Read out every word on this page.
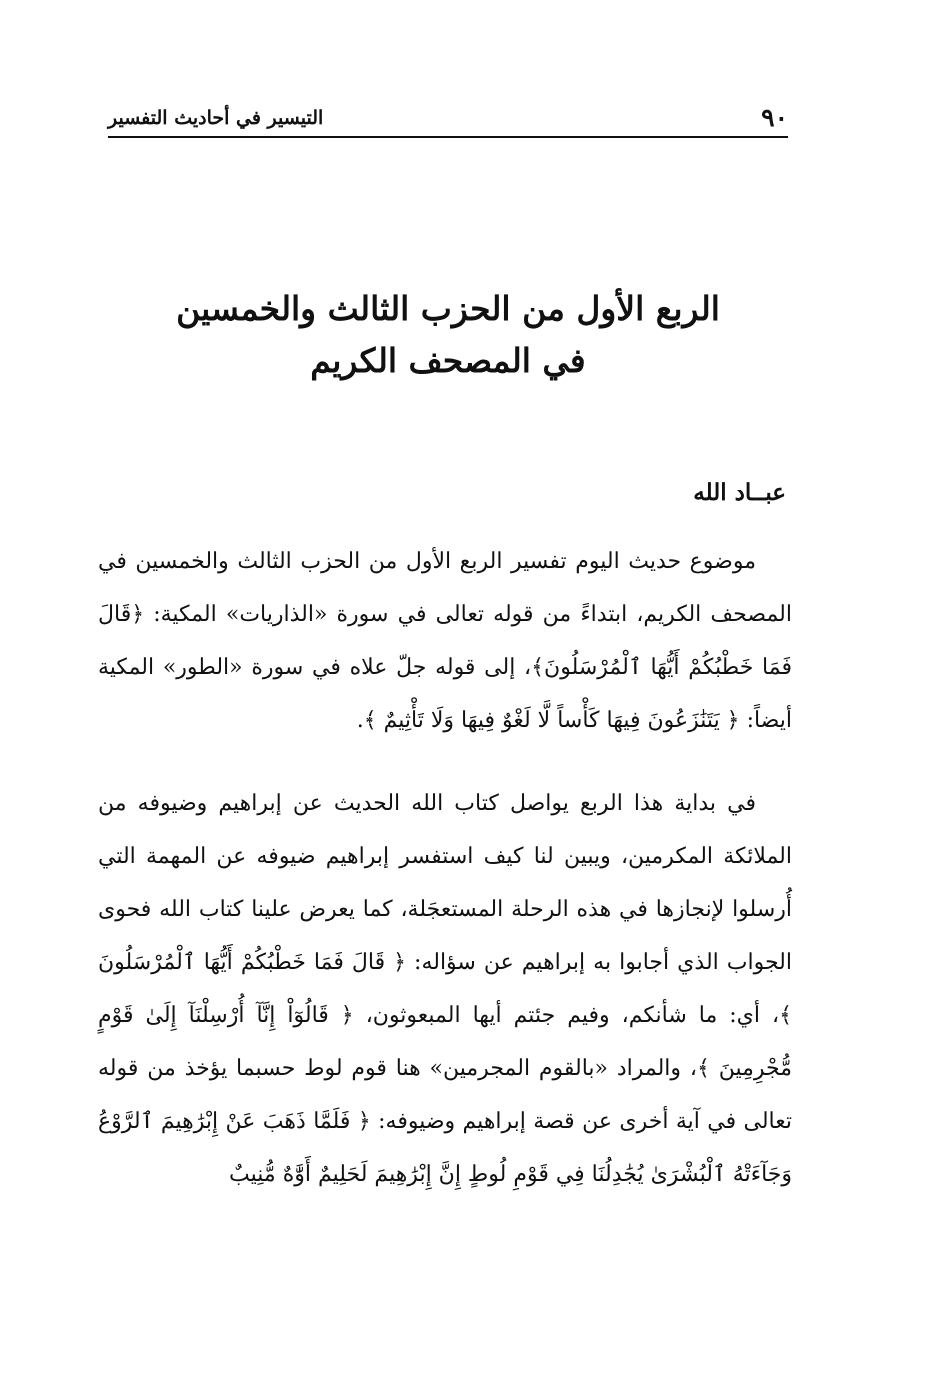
٩٠
التيسير في أحاديث التفسير
الربع الأول من الحزب الثالث والخمسين
في المصحف الكريم
عبــاد الله

موضوع حديث اليوم تفسير الربع الأول من الحزب الثالث والخمسين في المصحف الكريم، ابتداءً من قوله تعالى في سورة «الذاريات» المكية: ﴿قَالَ فَمَا خَطْبُكُمْ أَيُّهَا ٱلْمُرْسَلُونَ﴾، إلى قوله جلّ علاه في سورة «الطور» المكية أيضاً: ﴿ يَتَنَٰزَعُونَ فِيهَا كَأْساً لَّا لَغْوٌ فِيهَا وَلَا تَأْثِيمٌ ﴾.

في بداية هذا الربع يواصل كتاب الله الحديث عن إبراهيم وضيوفه من الملائكة المكرمين، ويبين لنا كيف استفسر إبراهيم ضيوفه عن المهمة التي أُرسلوا لإنجازها في هذه الرحلة المستعجَلة، كما يعرض علينا كتاب الله فحوى الجواب الذي أجابوا به إبراهيم عن سؤاله: ﴿ قَالَ فَمَا خَطْبُكُمْ أَيُّهَا ٱلْمُرْسَلُونَ ﴾، أي: ما شأنكم، وفيم جئتم أيها المبعوثون، ﴿ قَالُوٓاْ إِنَّآ أُرْسِلْنَآ إِلَىٰ قَوْمٍ مُّجْرِمِينَ ﴾، والمراد «بالقوم المجرمين» هنا قوم لوط حسبما يؤخذ من قوله تعالى في آية أخرى عن قصة إبراهيم وضيوفه: ﴿ فَلَمَّا ذَهَبَ عَنْ إِبْرَٰهِيمَ ٱلرَّوْعُ وَجَآءَتْهُ ٱلْبُشْرَىٰ يُجَٰدِلُنَا فِي قَوْمِ لُوطٍ إِنَّ إِبْرَٰهِيمَ لَحَلِيمٌ أَوَّٰهٌ مُّنِيبٌ
